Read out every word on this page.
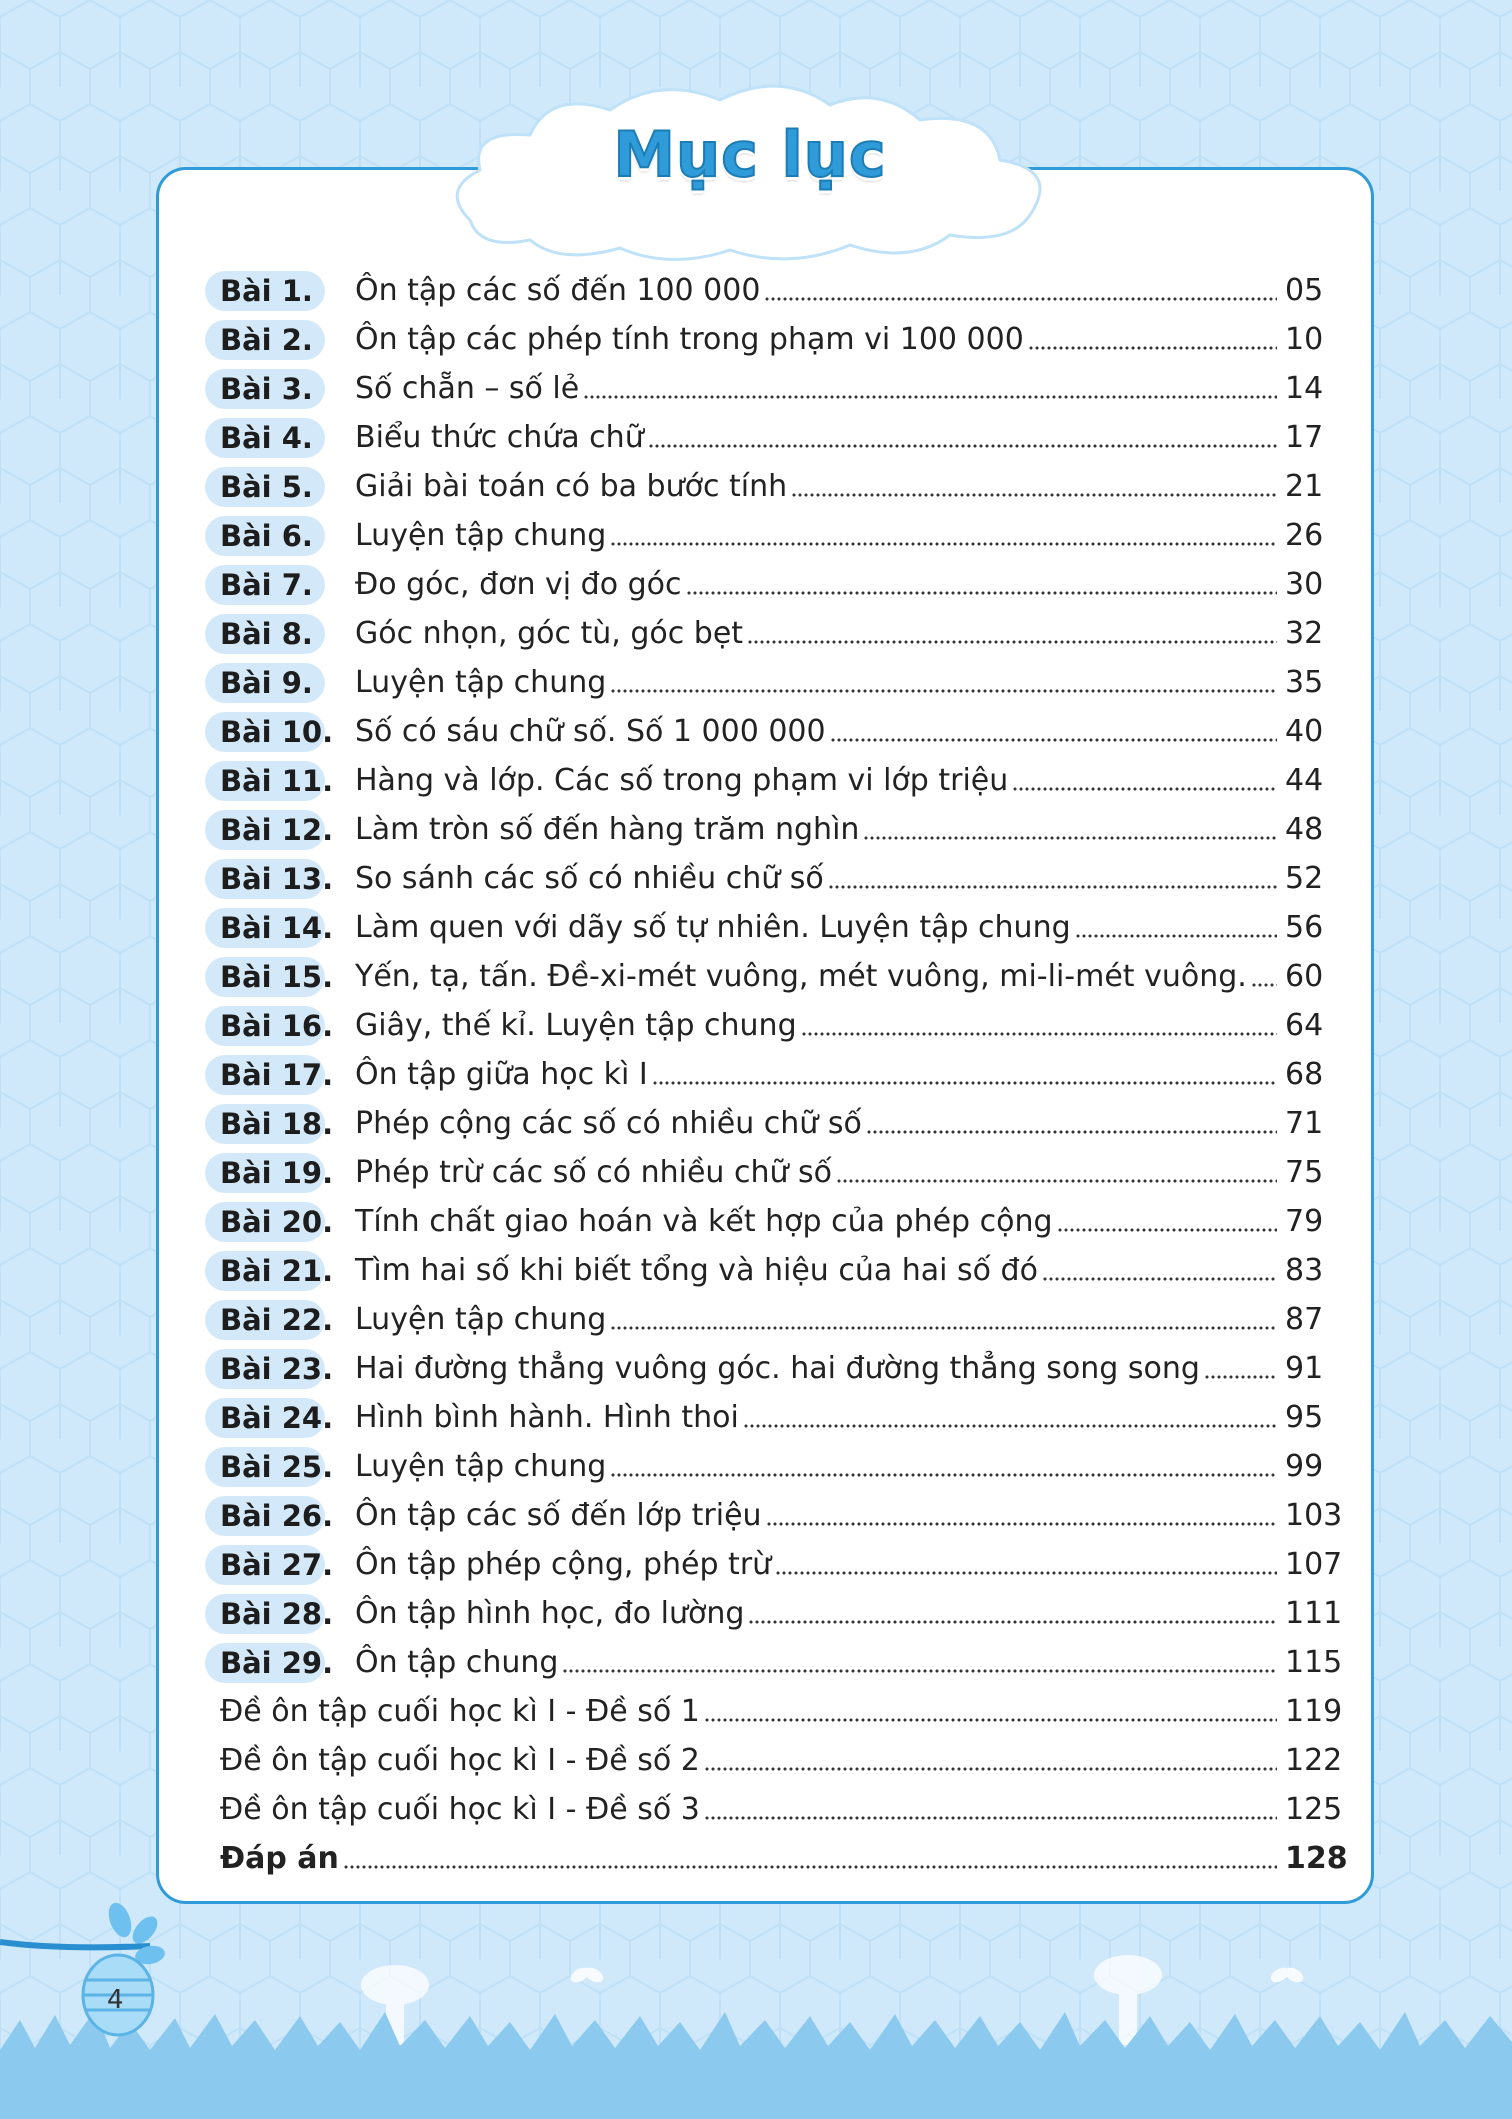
Mục lục
Bài 1.	Ôn tập các số đến 100 000	05
Bài 2.	Ôn tập các phép tính trong phạm vi 100 000	10
Bài 3.	Số chẵn – số lẻ	14
Bài 4.	Biểu thức chứa chữ	17
Bài 5.	Giải bài toán có ba bước tính	21
Bài 6.	Luyện tập chung	26
Bài 7.	Đo góc, đơn vị đo góc	30
Bài 8.	Góc nhọn, góc tù, góc bẹt	32
Bài 9.	Luyện tập chung	35
Bài 10. Số có sáu chữ số. Số 1 000 000	40
Bài 11. Hàng và lớp. Các số trong phạm vi lớp triệu	44
Bài 12. Làm tròn số đến hàng trăm nghìn	48
Bài 13. So sánh các số có nhiều chữ số	52
Bài 14. Làm quen với dãy số tự nhiên. Luyện tập chung	56
Bài 15. Yến, tạ, tấn. Đề-xi-mét vuông, mét vuông, mi-li-mét vuông. 60
Bài 16. Giây, thế kỉ. Luyện tập chung	64
Bài 17. Ôn tập giữa học kì I	68
Bài 18. Phép cộng các số có nhiều chữ số	71
Bài 19. Phép trừ các số có nhiều chữ số	75
Bài 20. Tính chất giao hoán và kết hợp của phép cộng	79
Bài 21. Tìm hai số khi biết tổng và hiệu của hai số đó	83
Bài 22. Luyện tập chung	87
Bài 23. Hai đường thẳng vuông góc. hai đường thẳng song song	91
Bài 24. Hình bình hành. Hình thoi	95
Bài 25. Luyện tập chung	99
Bài 26. Ôn tập các số đến lớp triệu	103
Bài 27. Ôn tập phép cộng, phép trừ	107
Bài 28. Ôn tập hình học, đo lường	111
Bài 29. Ôn tập chung	115
Đề ôn tập cuối học kì I - Đề số 1	119
Đề ôn tập cuối học kì I - Đề số 2	122
Đề ôn tập cuối học kì I - Đề số 3	125
Đáp án	128
4
